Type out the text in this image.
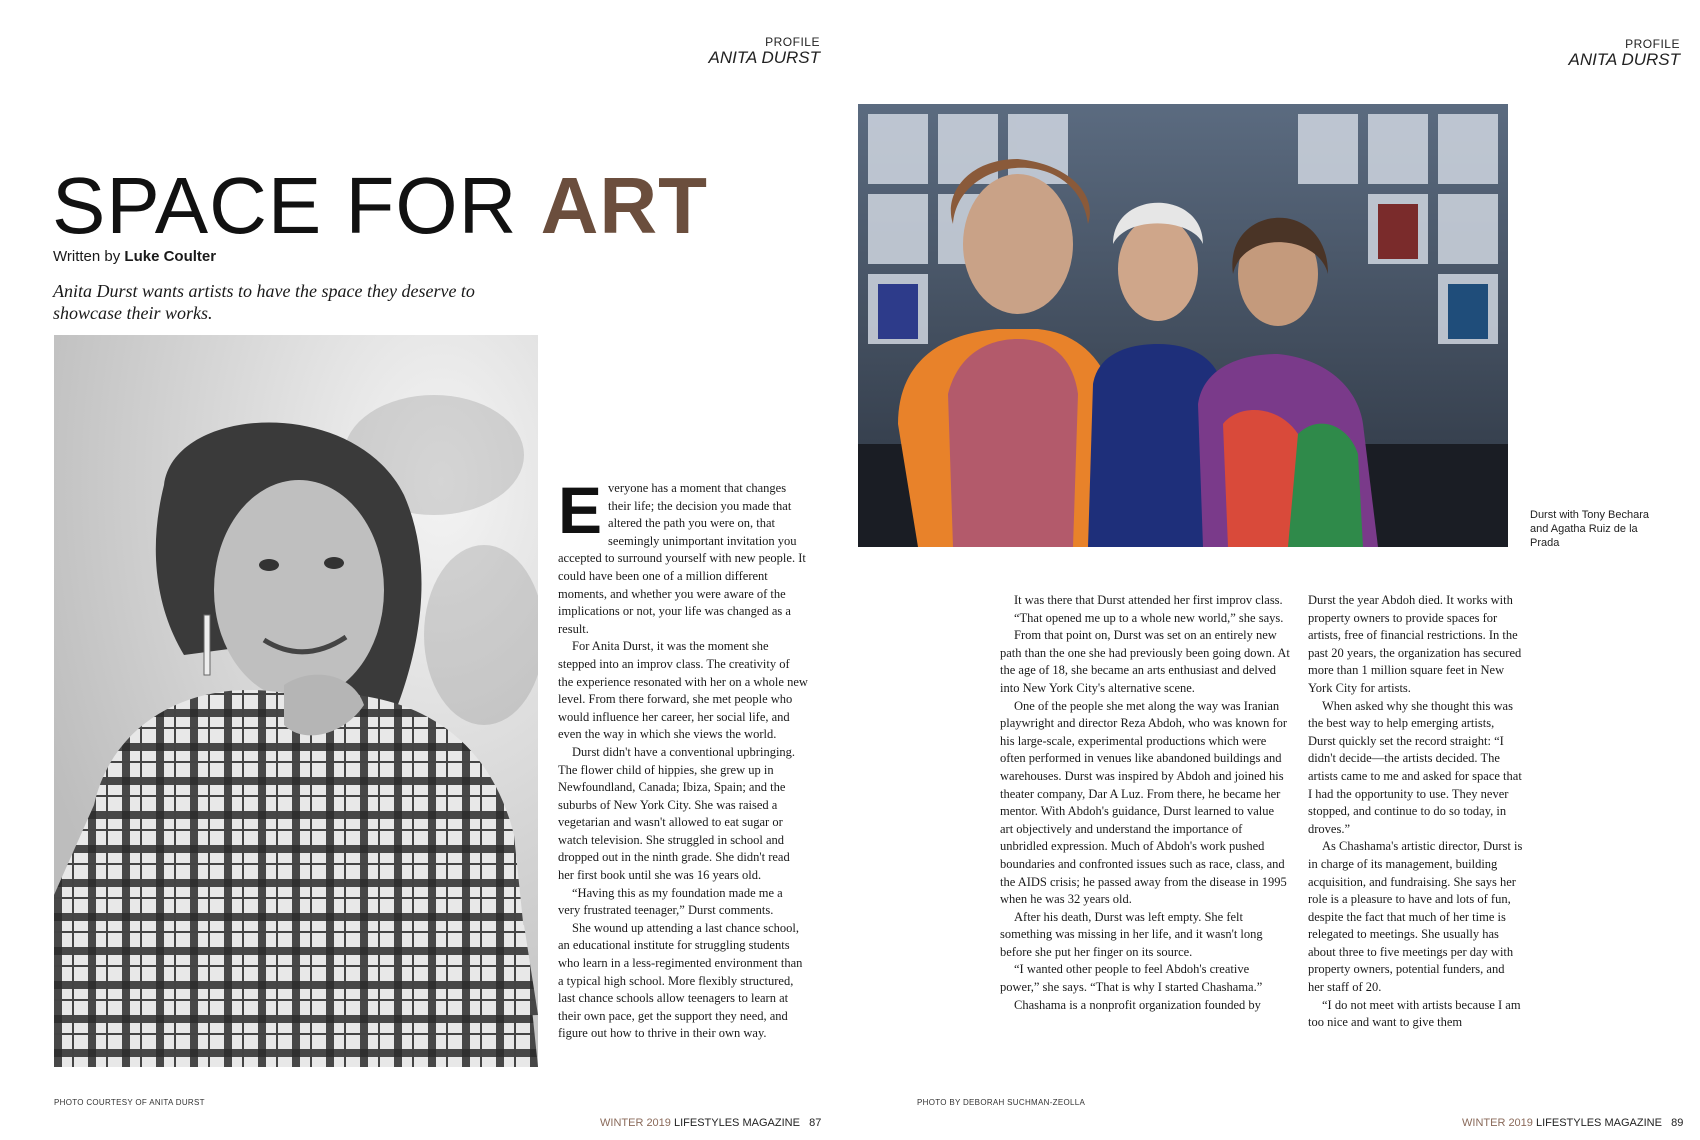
PROFILE
ANITA DURST
SPACE FOR ART
Written by Luke Coulter
Anita Durst wants artists to have the space they deserve to showcase their works.

Everyone has a moment that changes their life; the decision you made that altered the path you were on, that seemingly unimportant invitation you accepted to surround yourself with new people. It could have been one of a million different moments, and whether you were aware of the implications or not, your life was changed as a result.

For Anita Durst, it was the moment she stepped into an improv class. The creativity of the experience resonated with her on a whole new level. From there forward, she met people who would influence her career, her social life, and even the way in which she views the world.

Durst didn't have a conventional upbringing. The flower child of hippies, she grew up in Newfoundland, Canada; Ibiza, Spain; and the suburbs of New York City. She was raised a vegetarian and wasn't allowed to eat sugar or watch television. She struggled in school and dropped out in the ninth grade. She didn't read her first book until she was 16 years old.

“Having this as my foundation made me a very frustrated teenager,” Durst comments.

She wound up attending a last chance school, an educational institute for struggling students who learn in a less-regimented environment than a typical high school. More flexibly structured, last chance schools allow teenagers to learn at their own pace, get the support they need, and figure out how to thrive in their own way.

PHOTO COURTESY OF ANITA DURST
WINTER 2019 LIFESTYLES MAGAZINE 87
PROFILE
ANITA DURST
Durst with Tony Bechara and Agatha Ruiz de la Prada

It was there that Durst attended her first improv class.

“That opened me up to a whole new world,” she says.

From that point on, Durst was set on an entirely new path than the one she had previously been going down. At the age of 18, she became an arts enthusiast and delved into New York City's alternative scene.

One of the people she met along the way was Iranian playwright and director Reza Abdoh, who was known for his large-scale, experimental productions which were often performed in venues like abandoned buildings and warehouses. Durst was inspired by Abdoh and joined his theater company, Dar A Luz. From there, he became her mentor. With Abdoh's guidance, Durst learned to value art objectively and understand the importance of unbridled expression. Much of Abdoh's work pushed boundaries and confronted issues such as race, class, and the AIDS crisis; he passed away from the disease in 1995 when he was 32 years old.

After his death, Durst was left empty. She felt something was missing in her life, and it wasn't long before she put her finger on its source.

“I wanted other people to feel Abdoh's creative power,” she says. “That is why I started Chashama.”

Chashama is a nonprofit organization founded by

Durst the year Abdoh died. It works with property owners to provide spaces for artists, free of financial restrictions. In the past 20 years, the organization has secured more than 1 million square feet in New York City for artists.

When asked why she thought this was the best way to help emerging artists, Durst quickly set the record straight: “I didn't decide—the artists decided. The artists came to me and asked for space that I had the opportunity to use. They never stopped, and continue to do so today, in droves.”

As Chashama's artistic director, Durst is in charge of its management, building acquisition, and fundraising. She says her role is a pleasure to have and lots of fun, despite the fact that much of her time is relegated to meetings. She usually has about three to five meetings per day with property owners, potential funders, and her staff of 20.

“I do not meet with artists because I am too nice and want to give them

PHOTO BY DEBORAH SUCHMAN-ZEOLLA
WINTER 2019 LIFESTYLES MAGAZINE 89
